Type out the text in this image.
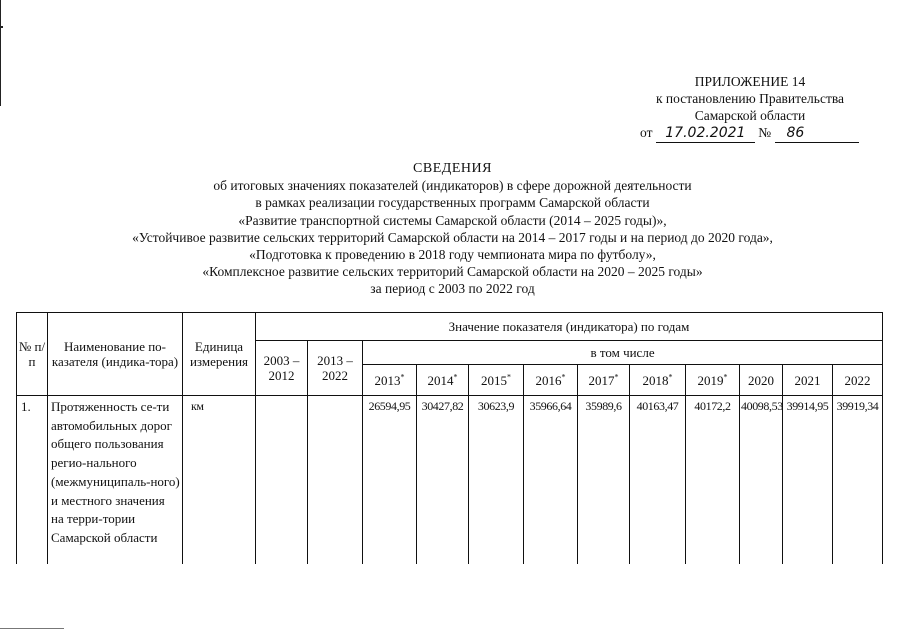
ПРИЛОЖЕНИЕ 14
к постановлению Правительства
Самарской области
от 17.02.2021 № 86
СВЕДЕНИЯ
об итоговых значениях показателей (индикаторов) в сфере дорожной деятельности
в рамках реализации государственных программ Самарской области
«Развитие транспортной системы Самарской области (2014 – 2025 годы)»,
«Устойчивое развитие сельских территорий Самарской области на 2014 – 2017 годы и на период до 2020 года»,
«Подготовка к проведению в 2018 году чемпионата мира по футболу»,
«Комплексное развитие сельских территорий Самарской области на 2020 – 2025 годы»
за период с 2003 по 2022 год
№ п/п	Наименование по-казателя (индика-тора)	Единица измерения	Значение показателя (индикатора) по годам											
			2003 – 2012	2013 – 2022	в том числе									
					2013*	2014*	2015*	2016*	2017*	2018*	2019*	2020	2021	2022
1.	Протяженность се-ти автомобильных дорог общего пользования регио-нального (межмуниципаль-ного) и местного значения на терри-тории Самарской области	км			26594,95	30427,82	30623,9	35966,64	35989,6	40163,47	40172,2	40098,53	39914,95	39919,34
